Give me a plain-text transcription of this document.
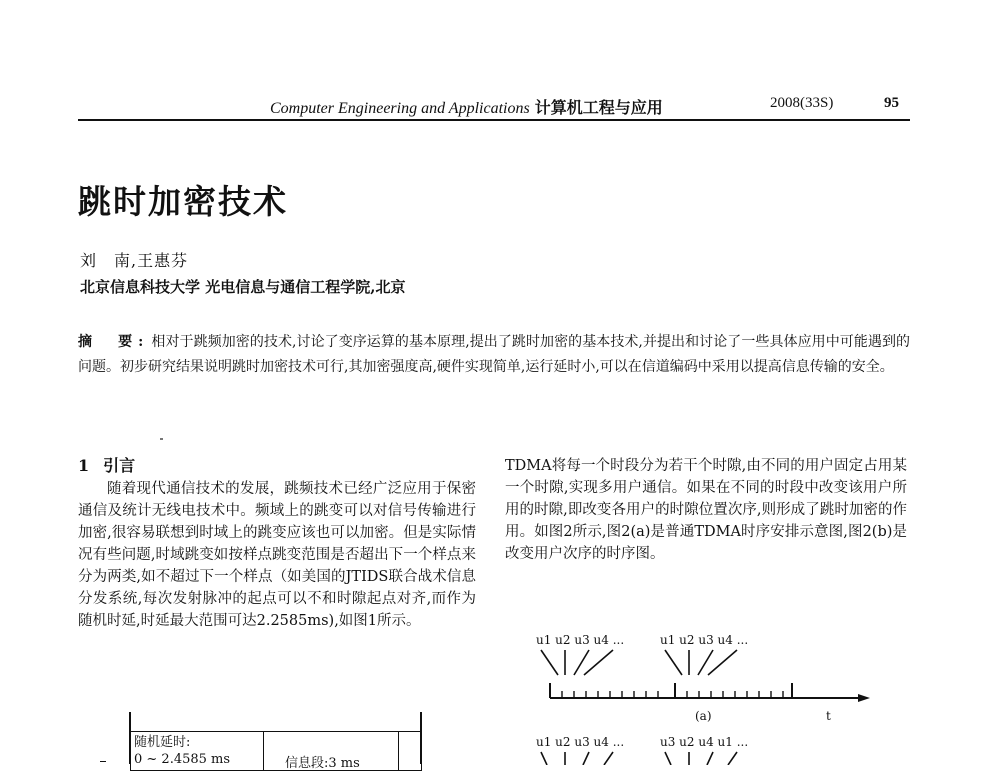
Computer Engineering and Applications 计算机工程与应用	2008(33S)	95
跳时加密技术
刘　南,王惠芬
北京信息科技大学 光电信息与通信工程学院,北京
摘　要: 相对于跳频加密的技术,讨论了变序运算的基本原理,提出了跳时加密的基本技术,并提出和讨论了一些具体应用中可能遇到的问题。初步研究结果说明跳时加密技术可行,其加密强度高,硬件实现简单,运行延时小,可以在信道编码中采用以提高信息传输的安全。
1 引言

随着现代通信技术的发展，跳频技术已经广泛应用于保密通信及统计无线电技术中。频域上的跳变可以对信号传输进行加密,很容易联想到时域上的跳变应该也可以加密。但是实际情况有些问题,时域跳变如按样点跳变范围是否超出下一个样点来分为两类,如不超过下一个样点（如美国的JTIDS联合战术信息分发系统,每次发射脉冲的起点可以不和时隙起点对齐,而作为随机时延,时延最大范围可达2.2585ms),如图1所示。

TDMA将每一个时段分为若干个时隙,由不同的用户固定占用某一个时隙,实现多用户通信。如果在不同的时段中改变该用户所用的时隙,即改变各用户的时隙位置次序,则形成了跳时加密的作用。如图2所示,图2(a)是普通TDMA时序安排示意图,图2(b)是改变用户次序的时序图。

随机延时:
0 ~ 2.4585 ms	信息段:3 ms
u1 u2 u3 u4 ...	u1 u2 u3 u4 ...
(a)	t
u1 u2 u3 u4 ...	u3 u2 u4 u1 ...
